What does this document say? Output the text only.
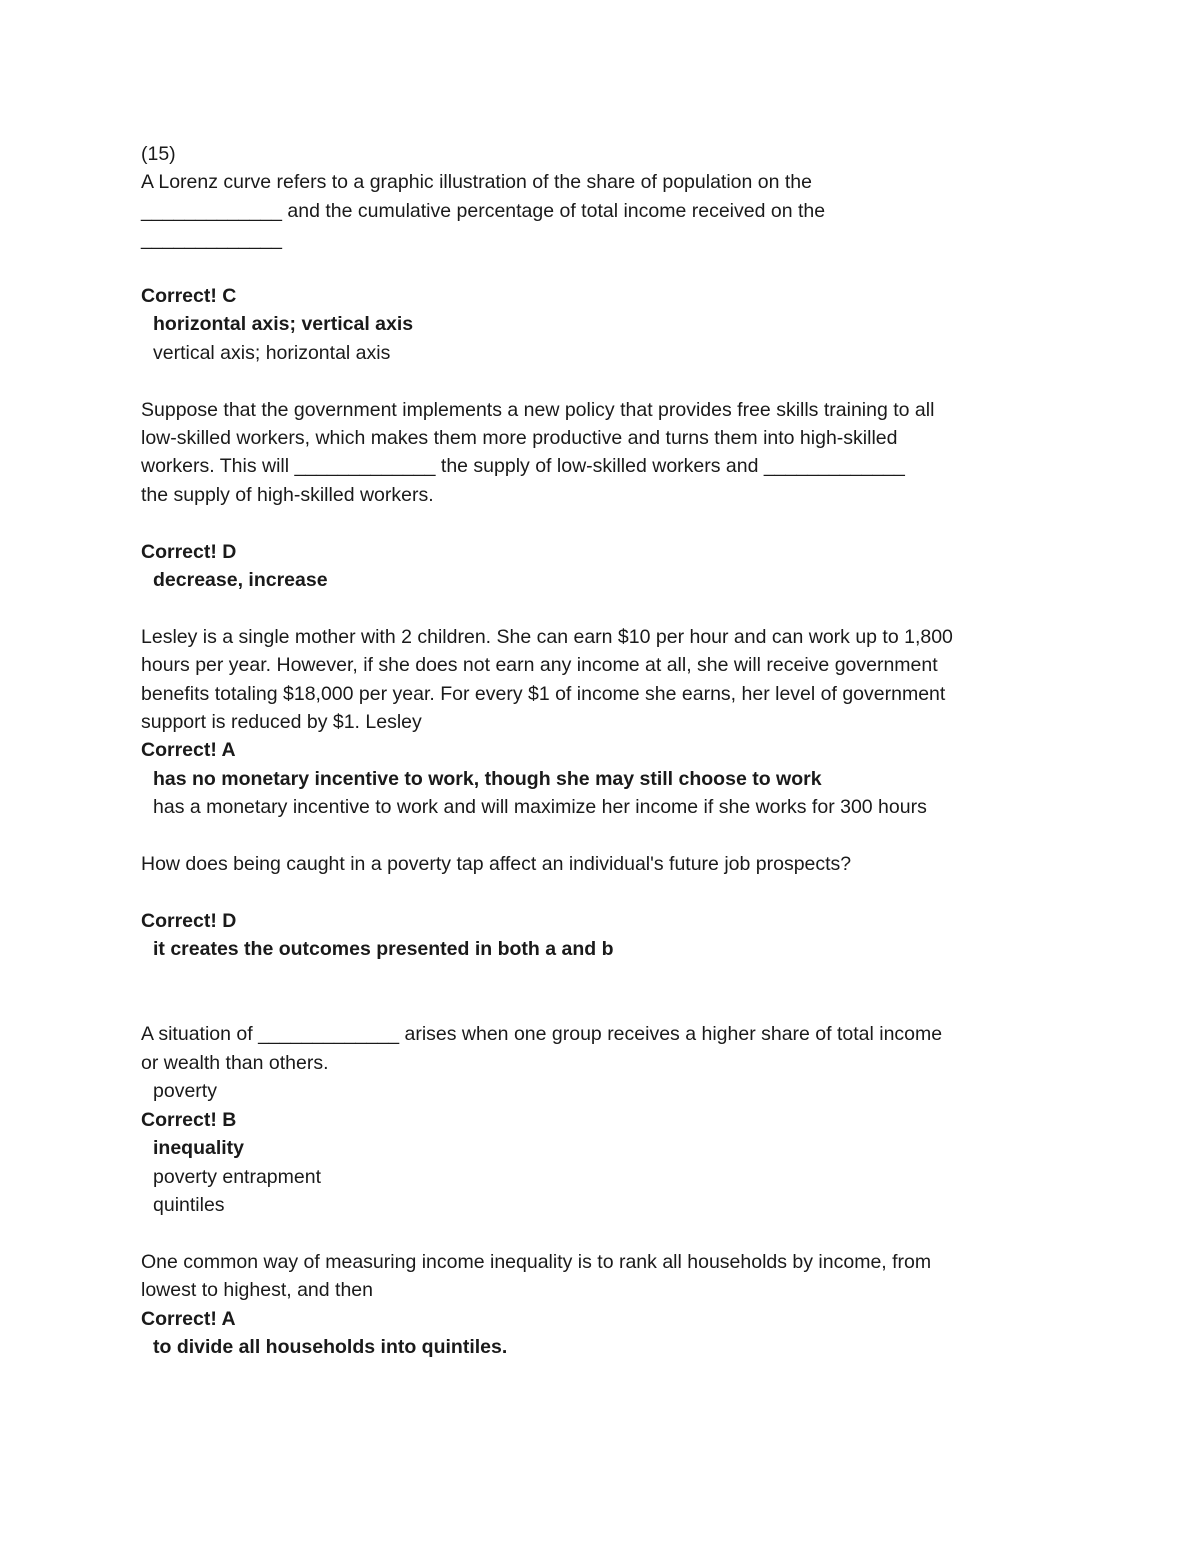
(15)
A Lorenz curve refers to a graphic illustration of the share of population on the
_____________ and the cumulative percentage of total income received on the
_____________
Correct! C
horizontal axis; vertical axis
vertical axis; horizontal axis
Suppose that the government implements a new policy that provides free skills training to all
low-skilled workers, which makes them more productive and turns them into high-skilled
workers. This will _____________ the supply of low-skilled workers and _____________
the supply of high-skilled workers.
Correct! D
decrease, increase
Lesley is a single mother with 2 children. She can earn $10 per hour and can work up to 1,800
hours per year. However, if she does not earn any income at all, she will receive government
benefits totaling $18,000 per year. For every $1 of income she earns, her level of government
support is reduced by $1. Lesley
Correct! A
has no monetary incentive to work, though she may still choose to work
has a monetary incentive to work and will maximize her income if she works for 300 hours
How does being caught in a poverty tap affect an individual's future job prospects?
Correct! D
it creates the outcomes presented in both a and b
A situation of _____________ arises when one group receives a higher share of total income
or wealth than others.
poverty
Correct! B
inequality
poverty entrapment
quintiles
One common way of measuring income inequality is to rank all households by income, from
lowest to highest, and then
Correct! A
to divide all households into quintiles.
